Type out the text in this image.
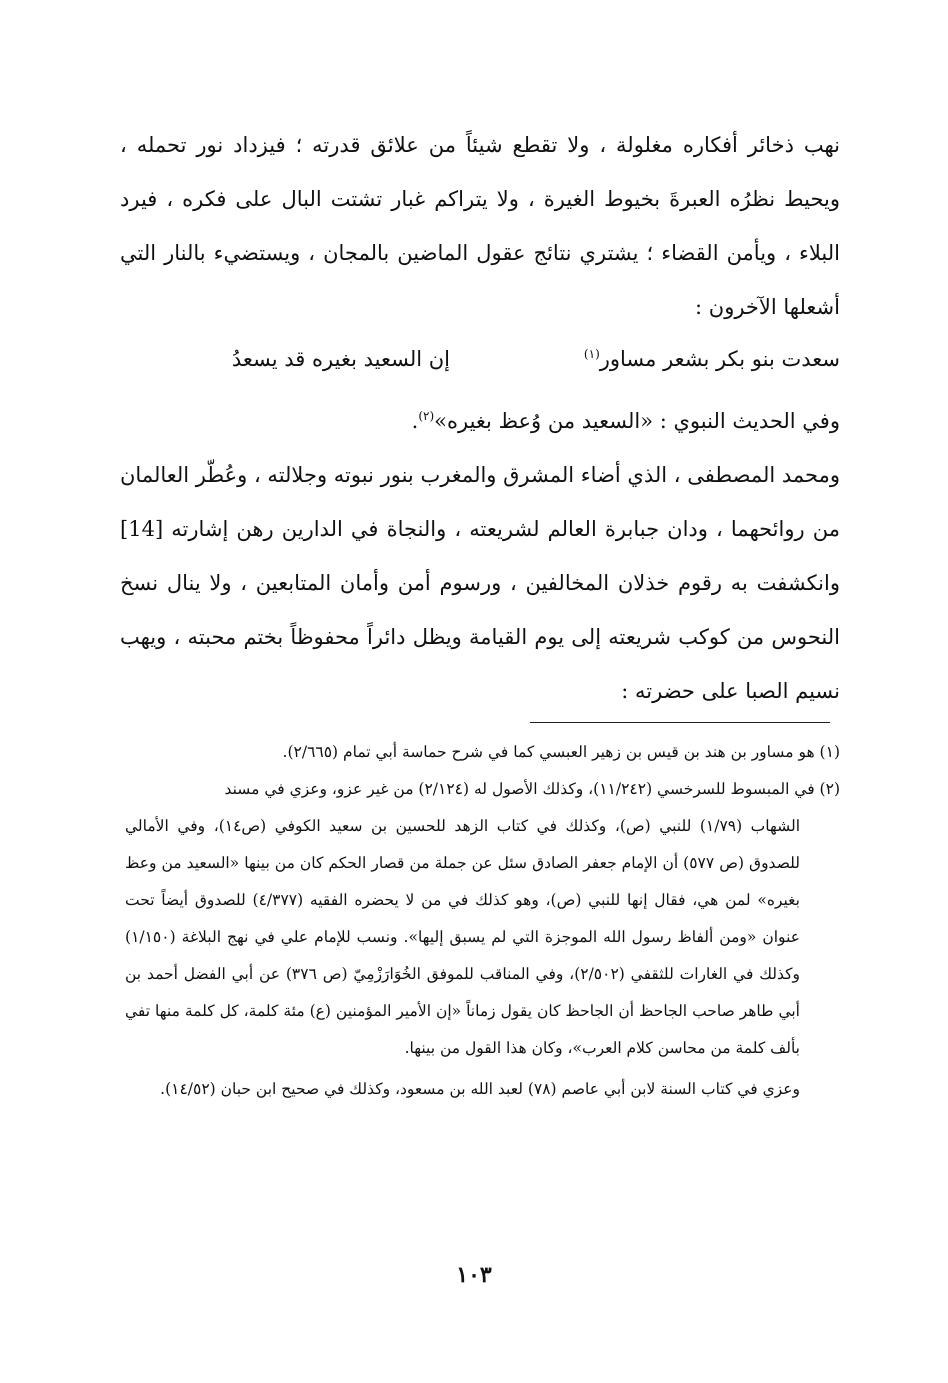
نهب ذخائر أفكاره مغلولة ، ولا تقطع شيئاً من علائق قدرته ؛ فيزداد نور تحمله ، ويحيط نظرُه العبرةَ بخيوط الغيرة ، ولا يتراكم غبار تشتت البال على فكره ، فيرد البلاء ، ويأمن القضاء ؛ يشتري نتائج عقول الماضين بالمجان ، ويستضيء بالنار التي أشعلها الآخرون :

سعدت بنو بكر بشعر مساور$^{(١)}$
إن السعيد بغيره قد يسعدُ
وفي الحديث النبوي : «السعيد من وُعظ بغيره»$^{(٢)}$.

ومحمد المصطفى ، الذي أضاء المشرق والمغرب بنور نبوته وجلالته ، وعُطّر العالمان من روائحهما ، ودان جبابرة العالم لشريعته ، والنجاة في الدارين رهن إشارته [14] وانكشفت به رقوم خذلان المخالفين ، ورسوم أمن وأمان المتابعين ، ولا ينال نسخ النحوس من كوكب شريعته إلى يوم القيامة ويظل دائراً محفوظاً بختم محبته ، ويهب نسيم الصبا على حضرته :

(١) هو مساور بن هند بن قيس بن زهير العبسي كما في شرح حماسة أبي تمام (٢/٦٦٥).

(٢) في المبسوط للسرخسي (١١/٢٤٢)، وكذلك الأصول له (٢/١٢٤) من غير عزو، وعزي في مسند

الشهاب (١/٧٩) للنبي (ص)، وكذلك في كتاب الزهد للحسين بن سعيد الكوفي (ص١٤)، وفي الأمالي للصدوق (ص ٥٧٧) أن الإمام جعفر الصادق سئل عن جملة من قصار الحكم كان من بينها «السعيد من وعظ بغيره» لمن هي، فقال إنها للنبي (ص)، وهو كذلك في من لا يحضره الفقيه (٤/٣٧٧) للصدوق أيضاً تحت عنوان «ومن ألفاظ رسول الله الموجزة التي لم يسبق إليها». ونسب للإمام علي في نهج البلاغة (١/١٥٠) وكذلك في الغارات للثقفي (٢/٥٠٢)، وفي المناقب للموفق الخُوَارَزْمِيّ (ص ٣٧٦) عن أبي الفضل أحمد بن أبي طاهر صاحب الجاحظ أن الجاحظ كان يقول زماناً «إن الأمير المؤمنين (ع) مئة كلمة، كل كلمة منها تفي بألف كلمة من محاسن كلام العرب»، وكان هذا القول من بينها.

وعزي في كتاب السنة لابن أبي عاصم (٧٨) لعبد الله بن مسعود، وكذلك في صحيح ابن حبان (١٤/٥٢).

١٠٣
